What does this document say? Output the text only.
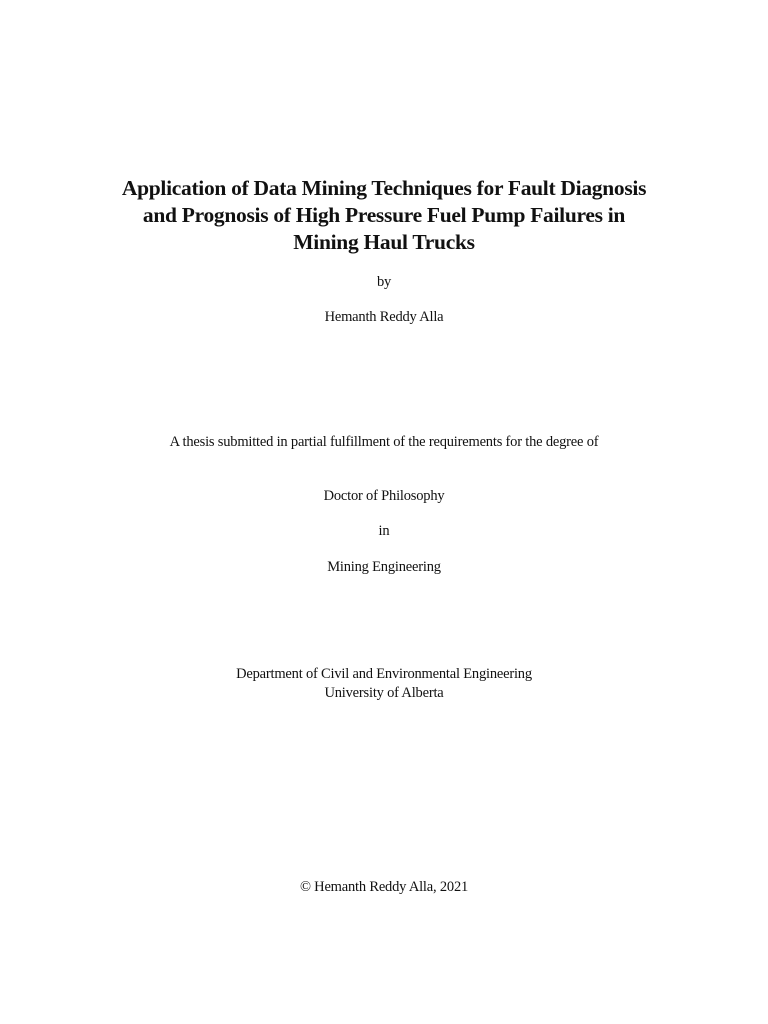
Application of Data Mining Techniques for Fault Diagnosis
and Prognosis of High Pressure Fuel Pump Failures in
Mining Haul Trucks
by
Hemanth Reddy Alla
A thesis submitted in partial fulfillment of the requirements for the degree of
Doctor of Philosophy
in
Mining Engineering
Department of Civil and Environmental Engineering
University of Alberta
© Hemanth Reddy Alla, 2021
